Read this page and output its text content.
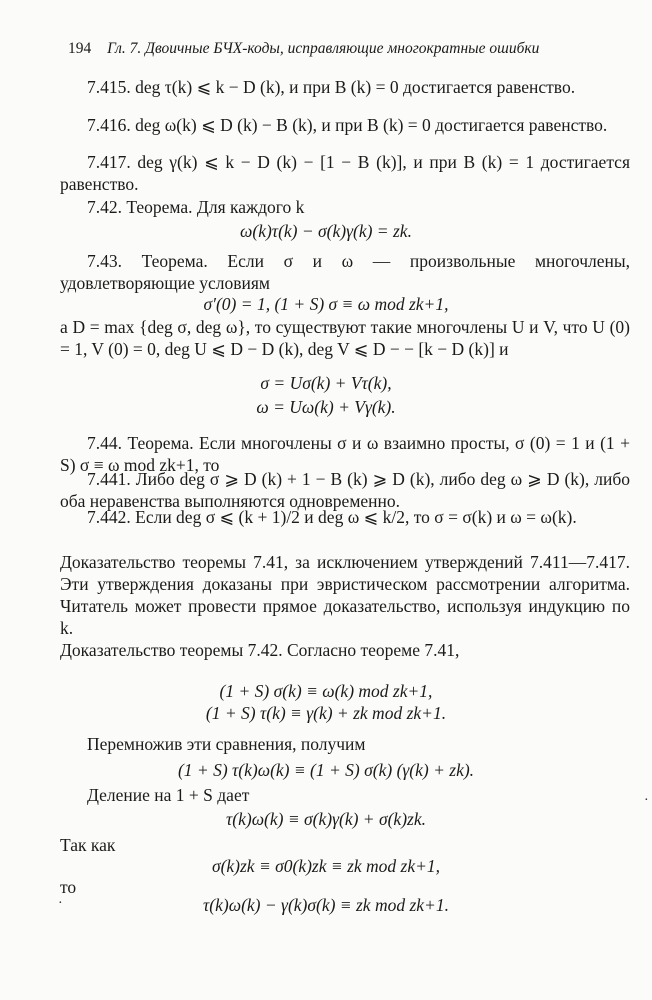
194 Гл. 7. Двоичные БЧХ-коды, исправляющие многократные ошибки
7.415. deg τ(k) ⩽ k − D (k), и при B (k) = 0 достигается равенство.
7.416. deg ω(k) ⩽ D (k) − B (k), и при B (k) = 0 достигается равенство.
7.417. deg γ(k) ⩽ k − D (k) − [1 − B (k)], и при B (k) = 1 достигается равенство.
7.42. Теорема. Для каждого k
ω(k)τ(k) − σ(k)γ(k) = zk.
7.43. Теорема. Если σ и ω — произвольные многочлены, удовлетворяющие условиям
σ′(0) = 1, (1 + S) σ ≡ ω mod zk+1,
а D = max {deg σ, deg ω}, то существуют такие многочлены U и V, что U (0) = 1, V (0) = 0, deg U ⩽ D − D (k), deg V ⩽ D − − [k − D (k)] и
σ = Uσ(k) + Vτ(k),
ω = Uω(k) + Vγ(k).
7.44. Теорема. Если многочлены σ и ω взаимно просты, σ (0) = 1 и (1 + S) σ ≡ ω mod zk+1, то
7.441. Либо deg σ ⩾ D (k) + 1 − B (k) ⩾ D (k), либо deg ω ⩾ D (k), либо оба неравенства выполняются одновременно.
7.442. Если deg σ ⩽ (k + 1)/2 и deg ω ⩽ k/2, то σ = σ(k) и ω = ω(k).
Доказательство теоремы 7.41, за исключением утверждений 7.411—7.417. Эти утверждения доказаны при эвристическом рассмотрении алгоритма. Читатель может провести прямое доказательство, используя индукцию по k.
Доказательство теоремы 7.42. Согласно теореме 7.41,
(1 + S) σ(k) ≡ ω(k) mod zk+1,
(1 + S) τ(k) ≡ γ(k) + zk mod zk+1.
Перемножив эти сравнения, получим
(1 + S) τ(k)ω(k) ≡ (1 + S) σ(k) (γ(k) + zk).
Деление на 1 + S дает
τ(k)ω(k) ≡ σ(k)γ(k) + σ(k)zk.
Так как
σ(k)zk ≡ σ0(k)zk ≡ zk mod zk+1,
то
τ(k)ω(k) − γ(k)σ(k) ≡ zk mod zk+1.
·
·
